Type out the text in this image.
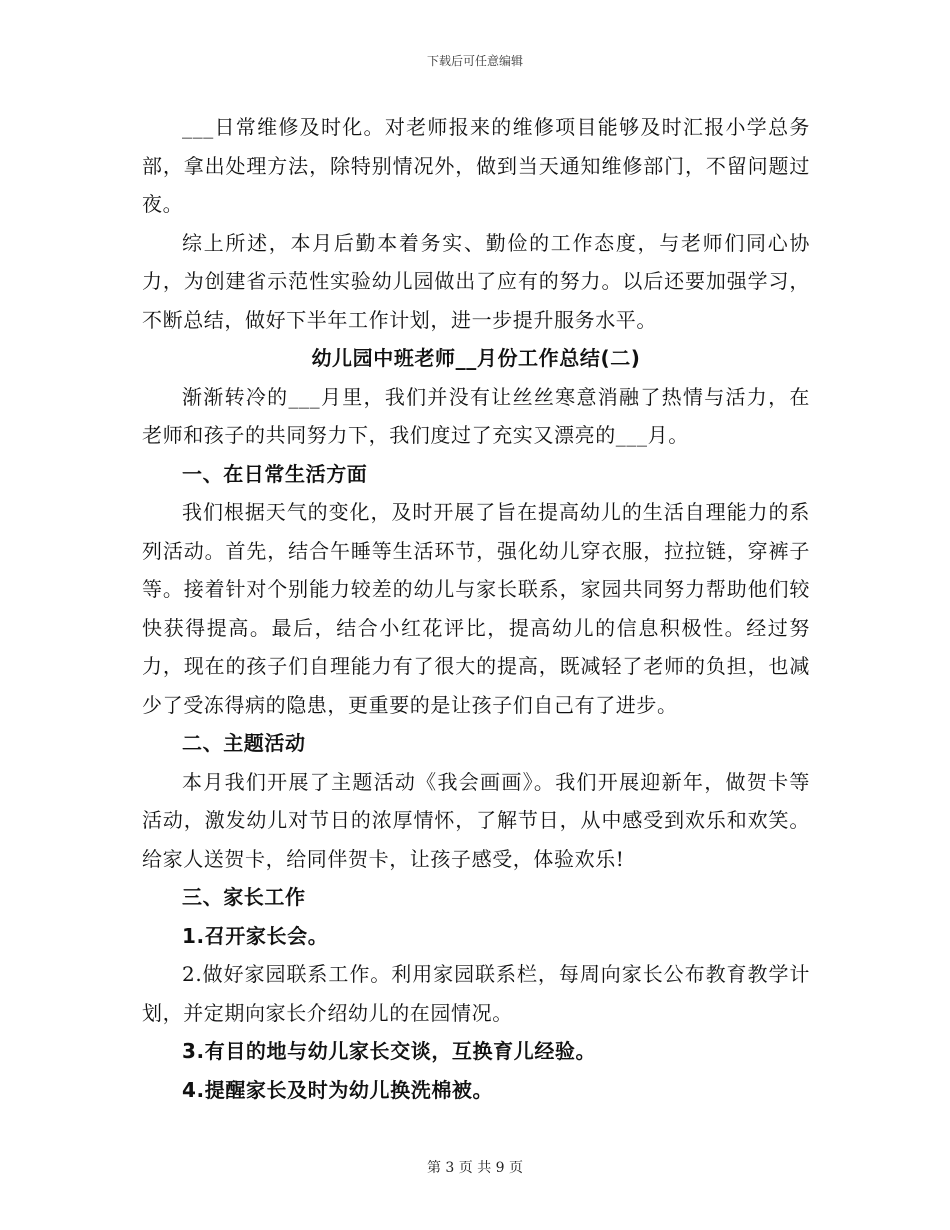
下载后可任意编辑

___日常维修及时化。对老师报来的维修项目能够及时汇报小学总务部，拿出处理方法，除特别情况外，做到当天通知维修部门，不留问题过夜。

综上所述，本月后勤本着务实、勤俭的工作态度，与老师们同心协力，为创建省示范性实验幼儿园做出了应有的努力。以后还要加强学习，不断总结，做好下半年工作计划，进一步提升服务水平。

幼儿园中班老师__月份工作总结(二)

渐渐转冷的___月里，我们并没有让丝丝寒意消融了热情与活力，在老师和孩子的共同努力下，我们度过了充实又漂亮的___月。

一、在日常生活方面

我们根据天气的变化，及时开展了旨在提高幼儿的生活自理能力的系列活动。首先，结合午睡等生活环节，强化幼儿穿衣服，拉拉链，穿裤子等。接着针对个别能力较差的幼儿与家长联系，家园共同努力帮助他们较快获得提高。最后，结合小红花评比，提高幼儿的信息积极性。经过努力，现在的孩子们自理能力有了很大的提高，既减轻了老师的负担，也减少了受冻得病的隐患，更重要的是让孩子们自己有了进步。

二、主题活动

本月我们开展了主题活动《我会画画》。我们开展迎新年，做贺卡等活动，激发幼儿对节日的浓厚情怀，了解节日，从中感受到欢乐和欢笑。给家人送贺卡，给同伴贺卡，让孩子感受，体验欢乐!

三、家长工作

1.召开家长会。

2.做好家园联系工作。利用家园联系栏，每周向家长公布教育教学计划，并定期向家长介绍幼儿的在园情况。

3.有目的地与幼儿家长交谈，互换育儿经验。

4.提醒家长及时为幼儿换洗棉被。

第 3 页 共 9 页
